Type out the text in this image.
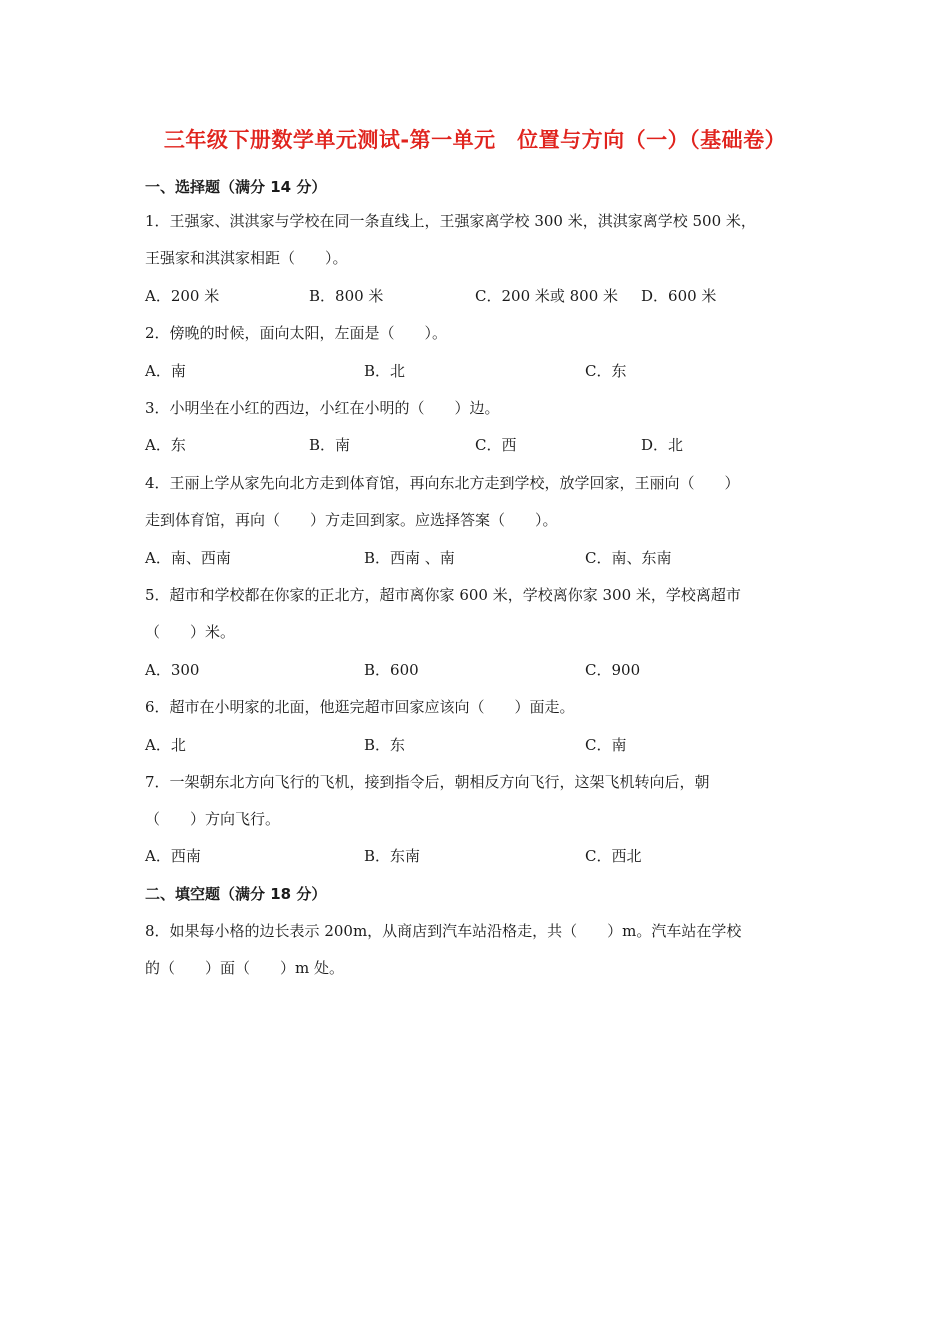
三年级下册数学单元测试-第一单元　位置与方向（一）（基础卷）
一、选择题（满分 14 分）
1．王强家、淇淇家与学校在同一条直线上，王强家离学校 300 米，淇淇家离学校 500 米，
王强家和淇淇家相距（　　）。
A．200 米	B．800 米	C．200 米或 800 米 D．600 米
2．傍晚的时候，面向太阳，左面是（　　）。
A．南	B．北	C．东
3．小明坐在小红的西边，小红在小明的（　　）边。
A．东	B．南	C．西	D．北
4．王丽上学从家先向北方走到体育馆，再向东北方走到学校，放学回家，王丽向（　　）
走到体育馆，再向（　　）方走回到家。应选择答案（　　）。
A．南、西南	B．西南 、南	C．南、东南
5．超市和学校都在你家的正北方，超市离你家 600 米，学校离你家 300 米，学校离超市
（　　）米。
A．300	B．600	C．900
6．超市在小明家的北面，他逛完超市回家应该向（　　）面走。
A．北	B．东	C．南
7．一架朝东北方向飞行的飞机，接到指令后，朝相反方向飞行，这架飞机转向后，朝
（　　）方向飞行。
A．西南	B．东南	C．西北
二、填空题（满分 18 分）
8．如果每小格的边长表示 200m，从商店到汽车站沿格走，共（　　）m。汽车站在学校
的（　　）面（　　）m 处。
